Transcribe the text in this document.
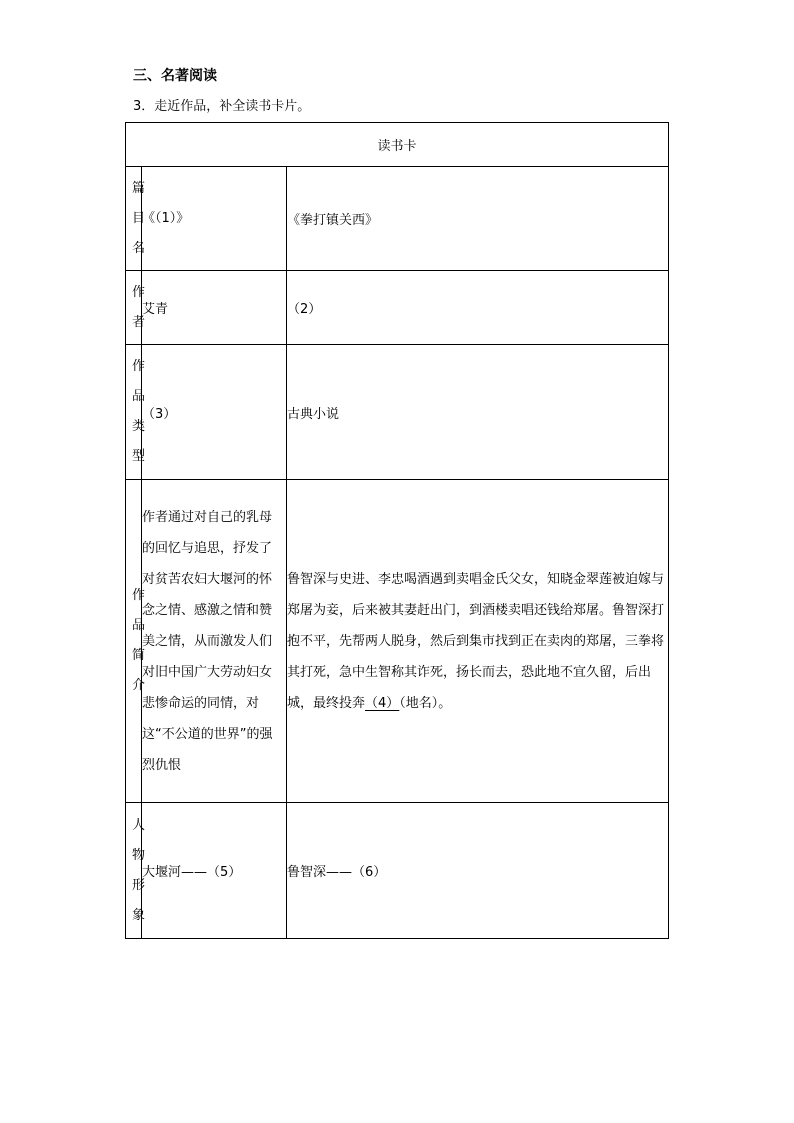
三、名著阅读
3．走近作品，补全读书卡片。
读书卡		

篇
目
名	《（1）》	《拳打镇关西》

作
者	艾青	（2）

作
品
类
型	（3）	古典小说

作
品
简
介	作者通过对自己的乳母的回忆与追思，抒发了对贫苦农妇大堰河的怀念之情、感激之情和赞美之情，从而激发人们对旧中国广大劳动妇女悲惨命运的同情，对这“不公道的世界”的强烈仇恨	鲁智深与史进、李忠喝酒遇到卖唱金氏父女，知晓金翠莲被迫嫁与郑屠为妾，后来被其妻赶出门，到酒楼卖唱还钱给郑屠。鲁智深打抱不平，先帮两人脱身，然后到集市找到正在卖肉的郑屠，三拳将其打死，急中生智称其诈死，扬长而去，恐此地不宜久留，后出城，最终投奔（4）（地名）。

人
物
形
象	大堰河——（5）	鲁智深——（6）
